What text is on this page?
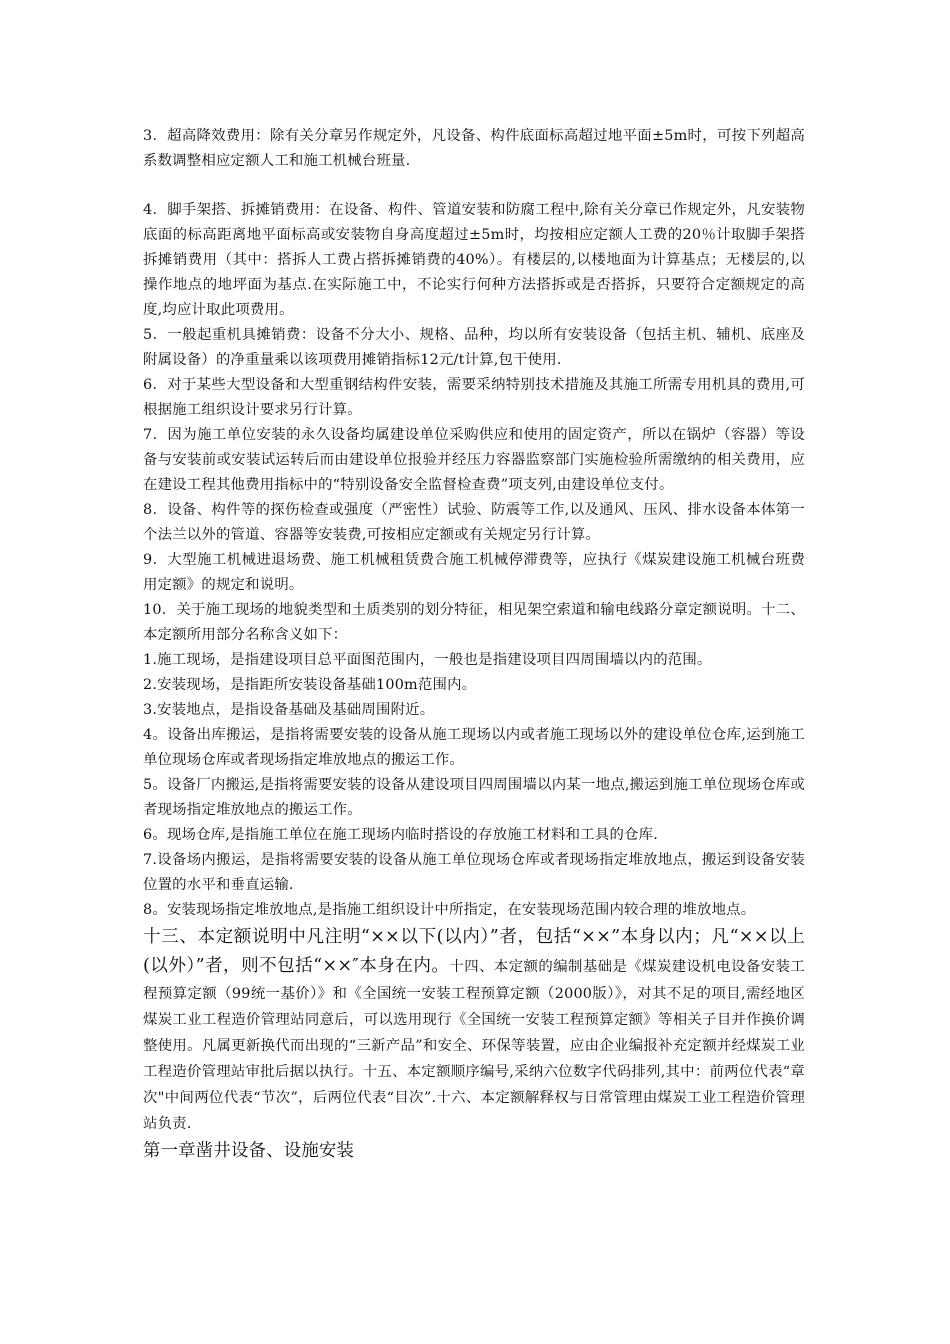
3．超高降效费用：除有关分章另作规定外，凡设备、构件底面标高超过地平面±5m时，可按下列超高系数调整相应定额人工和施工机械台班量.

4．脚手架搭、拆摊销费用：在设备、构件、管道安装和防腐工程中,除有关分章已作规定外，凡安装物底面的标高距离地平面标高或安装物自身高度超过±5m时，均按相应定额人工费的20％计取脚手架搭拆摊销费用（其中：搭拆人工费占搭拆摊销费的40%）。有楼层的,以楼地面为计算基点；无楼层的,以操作地点的地坪面为基点.在实际施工中，不论实行何种方法搭拆或是否搭拆，只要符合定额规定的高度,均应计取此项费用。

5．一般起重机具摊销费：设备不分大小、规格、品种，均以所有安装设备（包括主机、辅机、底座及附属设备）的净重量乘以该项费用摊销指标12元/t计算,包干使用.

6．对于某些大型设备和大型重钢结构件安装，需要采纳特别技术措施及其施工所需专用机具的费用,可根据施工组织设计要求另行计算。

7．因为施工单位安装的永久设备均属建设单位采购供应和使用的固定资产，所以在锅炉（容器）等设备与安装前或安装试运转后而由建设单位报验并经压力容器监察部门实施检验所需缴纳的相关费用，应在建设工程其他费用指标中的“特别设备安全监督检查费”项支列,由建设单位支付。

8．设备、构件等的探伤检查或强度（严密性）试验、防震等工作,以及通风、压风、排水设备本体第一个法兰以外的管道、容器等安装费,可按相应定额或有关规定另行计算。

9．大型施工机械进退场费、施工机械租赁费合施工机械停滞费等，应执行《煤炭建设施工机械台班费用定额》的规定和说明。

10．关于施工现场的地貌类型和土质类别的划分特征，相见架空索道和输电线路分章定额说明。十二、本定额所用部分名称含义如下：

1.施工现场，是指建设项目总平面图范围内，一般也是指建设项目四周围墙以内的范围。

2.安装现场，是指距所安装设备基础100m范围内。

3.安装地点，是指设备基础及基础周围附近。

4。设备出库搬运，是指将需要安装的设备从施工现场以内或者施工现场以外的建设单位仓库,运到施工单位现场仓库或者现场指定堆放地点的搬运工作。

5。设备厂内搬运,是指将需要安装的设备从建设项目四周围墙以内某一地点,搬运到施工单位现场仓库或者现场指定堆放地点的搬运工作。

6。现场仓库,是指施工单位在施工现场内临时搭设的存放施工材料和工具的仓库.

7.设备场内搬运，是指将需要安装的设备从施工单位现场仓库或者现场指定堆放地点，搬运到设备安装位置的水平和垂直运输.

8。安装现场指定堆放地点,是指施工组织设计中所指定，在安装现场范围内较合理的堆放地点。

十三、本定额说明中凡注明“××以下(以内）”者，包括“××”本身以内；凡“××以上(以外）”者，则不包括“××″本身在内。十四、本定额的编制基础是《煤炭建设机电设备安装工程预算定额（99统一基价）》和《全国统一安装工程预算定额（2000版）》，对其不足的项目,需经地区煤炭工业工程造价管理站同意后，可以选用现行《全国统一安装工程预算定额》等相关子目并作换价调整使用。凡属更新换代而出现的“三新产品”和安全、环保等装置，应由企业编报补充定额并经煤炭工业工程造价管理站审批后据以执行。十五、本定额顺序编号,采纳六位数字代码排列,其中：前两位代表“章次"中间两位代表“节次”，后两位代表“目次”.十六、本定额解释权与日常管理由煤炭工业工程造价管理站负责.

第一章凿井设备、设施安装
